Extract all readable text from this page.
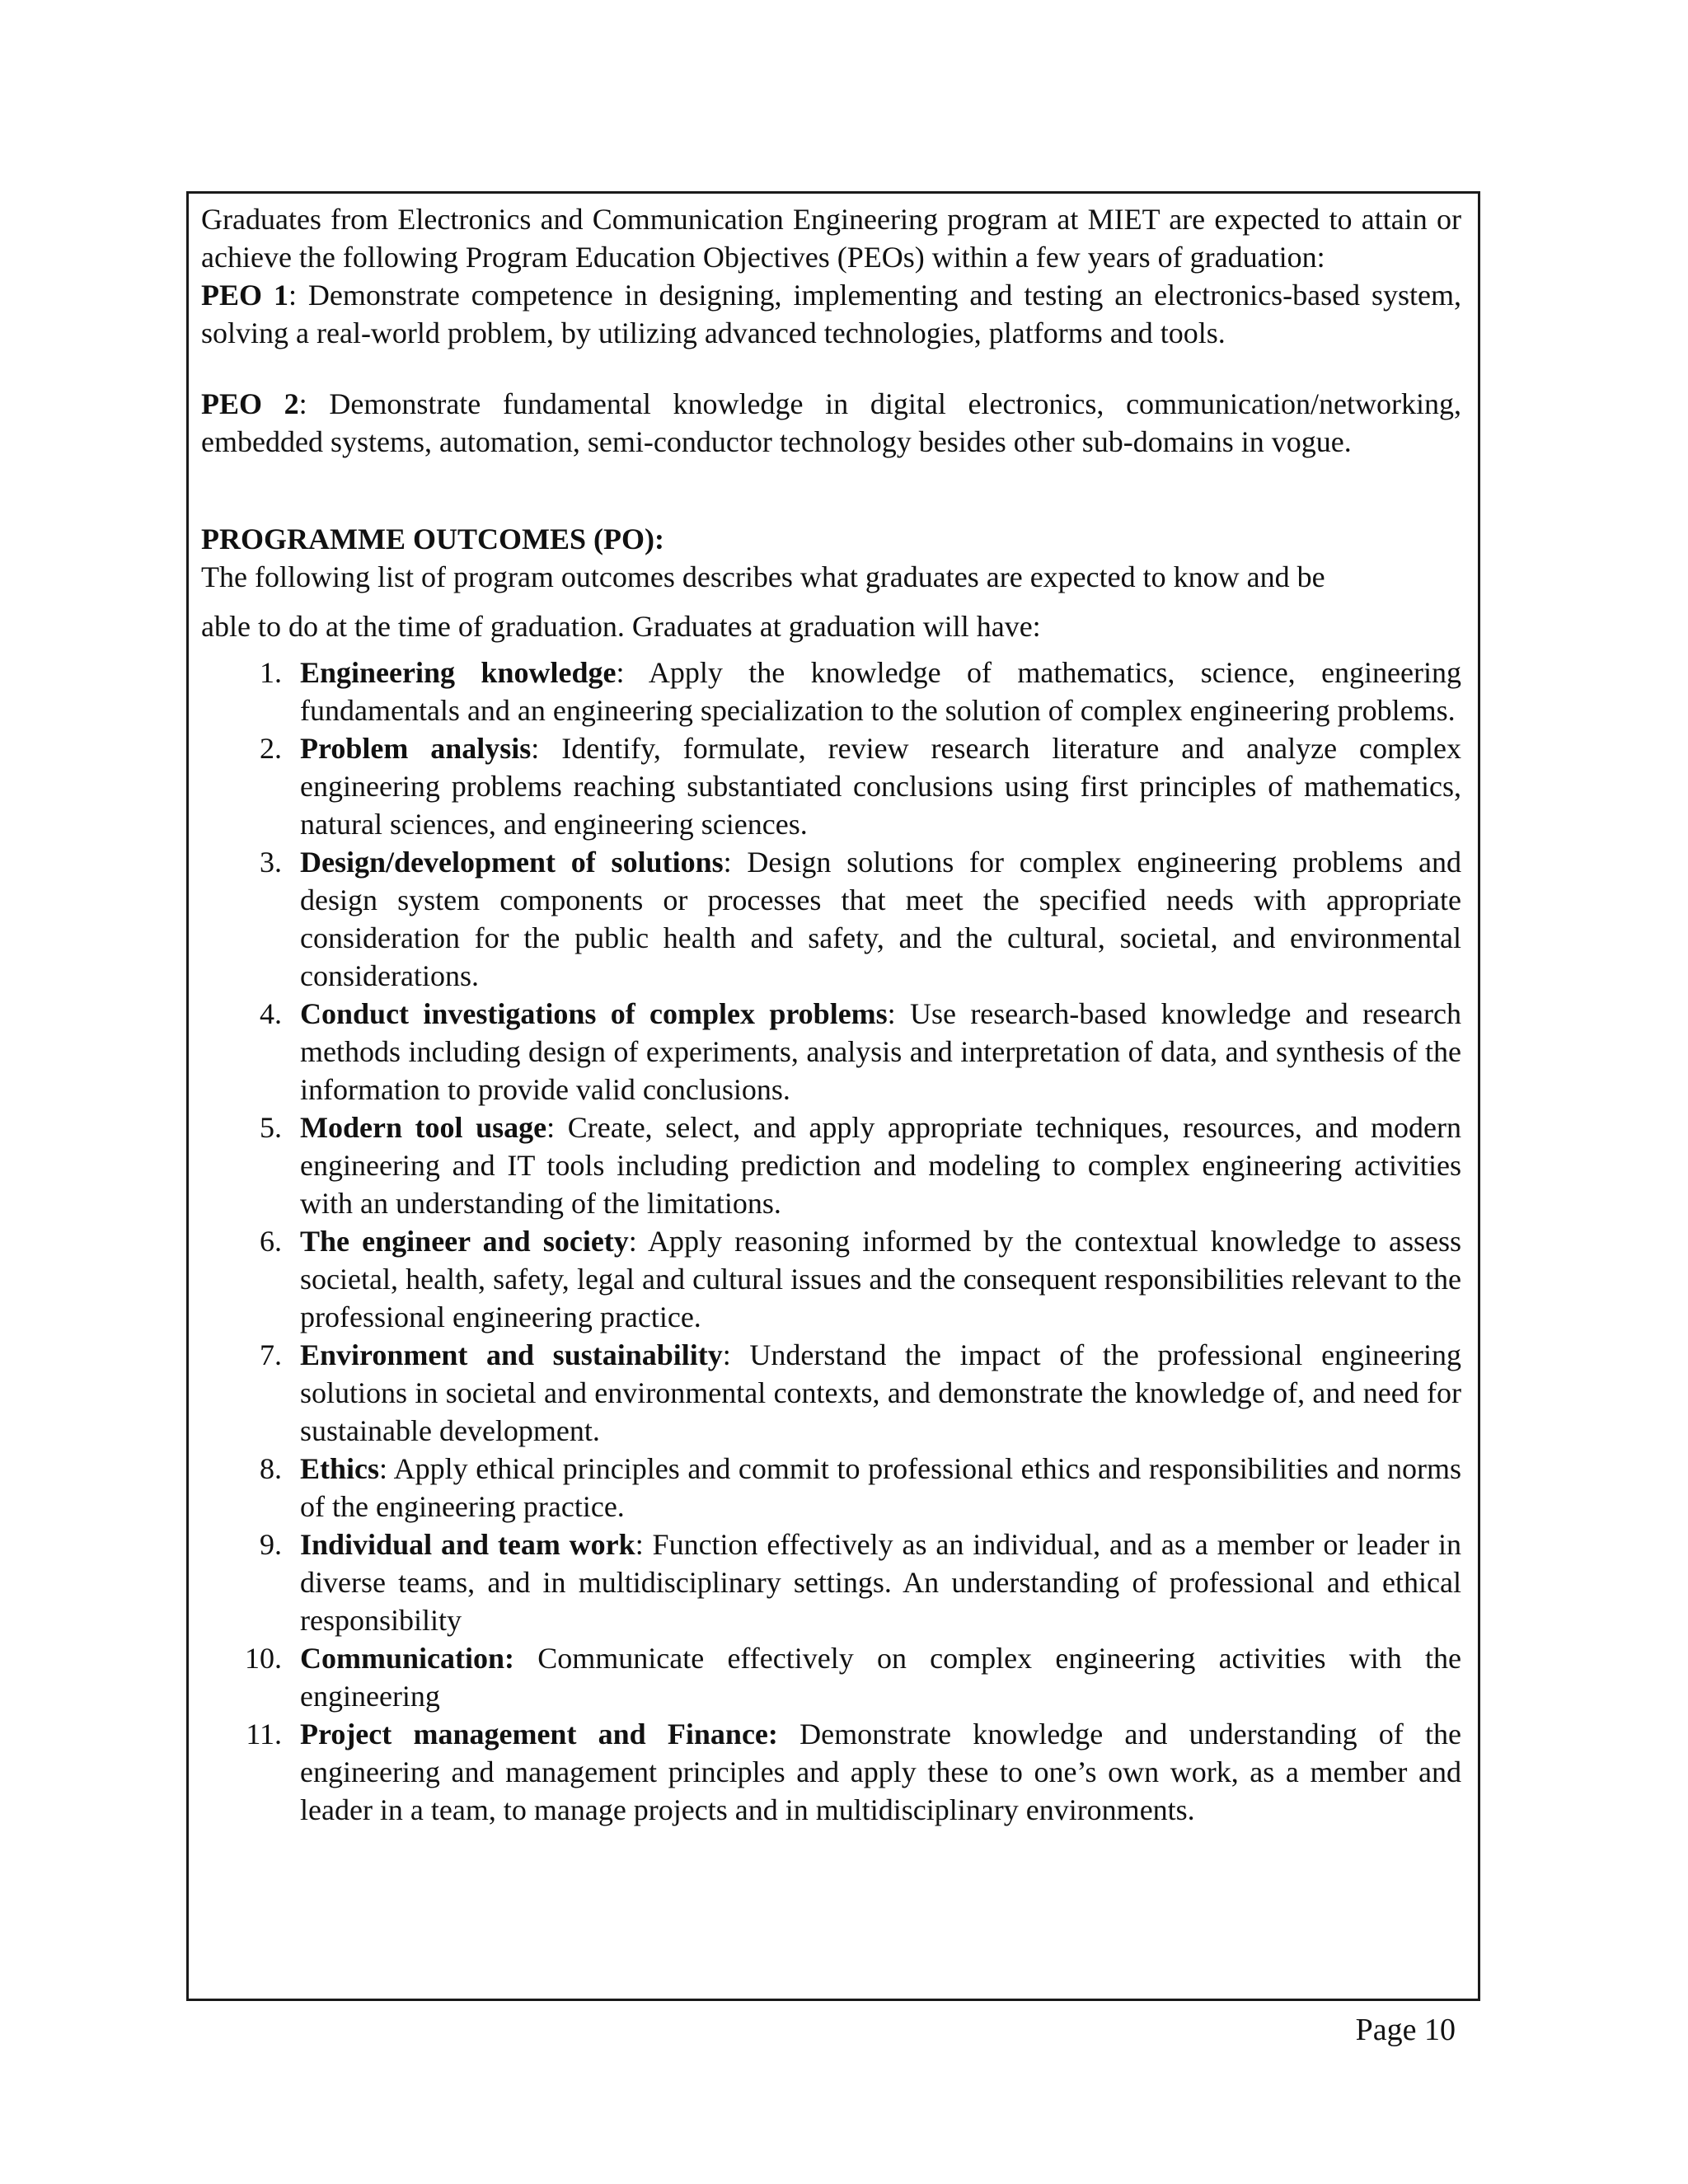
Graduates from Electronics and Communication Engineering program at MIET are expected to attain or achieve the following Program Education Objectives (PEOs) within a few years of graduation:

PEO 1: Demonstrate competence in designing, implementing and testing an electronics-based system, solving a real-world problem, by utilizing advanced technologies, platforms and tools.

PEO 2: Demonstrate fundamental knowledge in digital electronics, communication/networking, embedded systems, automation, semi-conductor technology besides other sub-domains in vogue.

PROGRAMME OUTCOMES (PO):

The following list of program outcomes describes what graduates are expected to know and be

able to do at the time of graduation. Graduates at graduation will have:

1. Engineering knowledge: Apply the knowledge of mathematics, science, engineering fundamentals and an engineering specialization to the solution of complex engineering problems.
2. Problem analysis: Identify, formulate, review research literature and analyze complex engineering problems reaching substantiated conclusions using first principles of mathematics, natural sciences, and engineering sciences.
3. Design/development of solutions: Design solutions for complex engineering problems and design system components or processes that meet the specified needs with appropriate consideration for the public health and safety, and the cultural, societal, and environmental considerations.
4. Conduct investigations of complex problems: Use research-based knowledge and research methods including design of experiments, analysis and interpretation of data, and synthesis of the information to provide valid conclusions.
5. Modern tool usage: Create, select, and apply appropriate techniques, resources, and modern engineering and IT tools including prediction and modeling to complex engineering activities with an understanding of the limitations.
6. The engineer and society: Apply reasoning informed by the contextual knowledge to assess societal, health, safety, legal and cultural issues and the consequent responsibilities relevant to the professional engineering practice.
7. Environment and sustainability: Understand the impact of the professional engineering solutions in societal and environmental contexts, and demonstrate the knowledge of, and need for sustainable development.
8. Ethics: Apply ethical principles and commit to professional ethics and responsibilities and norms of the engineering practice.
9. Individual and team work: Function effectively as an individual, and as a member or leader in diverse teams, and in multidisciplinary settings. An understanding of professional and ethical responsibility
10. Communication: Communicate effectively on complex engineering activities with the engineering
11. Project management and Finance: Demonstrate knowledge and understanding of the engineering and management principles and apply these to one’s own work, as a member and leader in a team, to manage projects and in multidisciplinary environments.
Page 10
